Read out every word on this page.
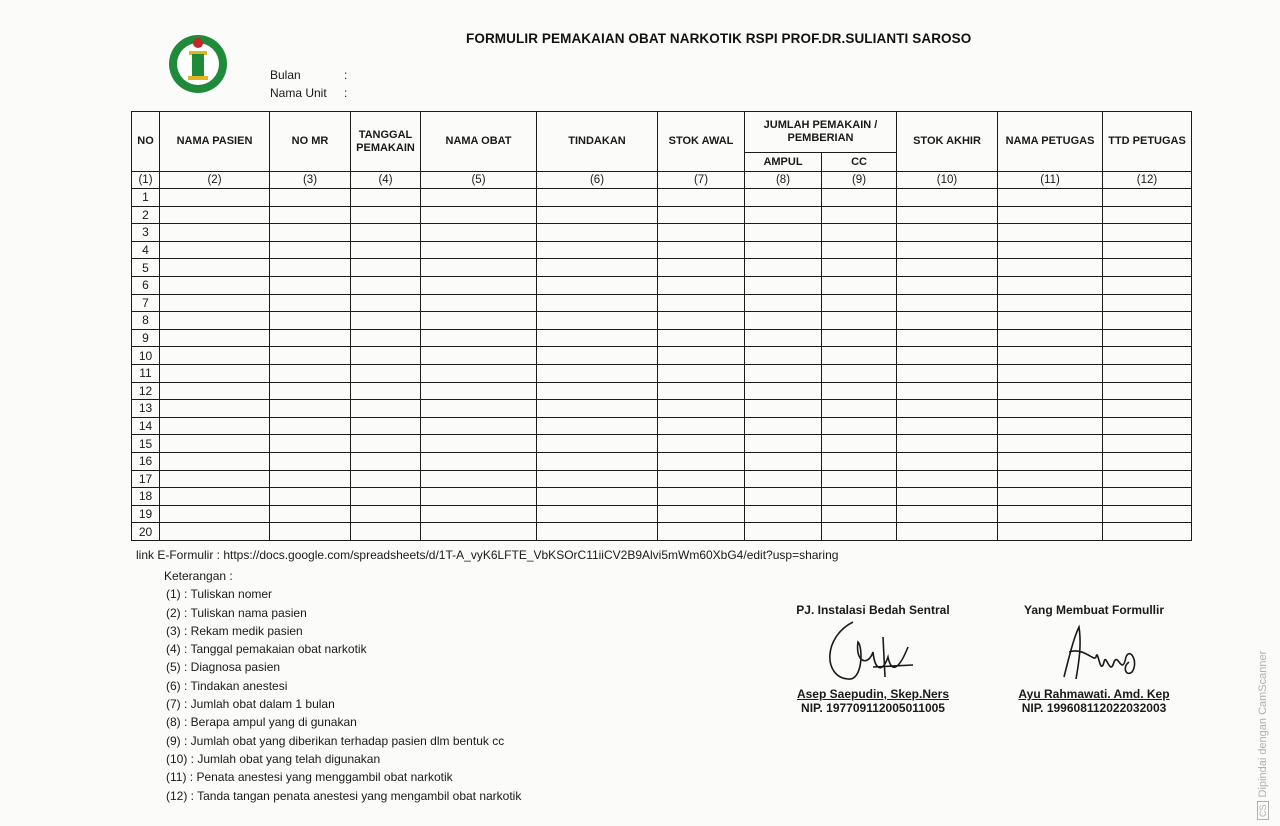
FORMULIR PEMAKAIAN OBAT NARKOTIK RSPI PROF.DR.SULIANTI SAROSO
Bulan	:
Nama Unit	:
NO	NAMA PASIEN	NO MR	TANGGAL PEMAKAIN	NAMA OBAT	TINDAKAN	STOK AWAL	JUMLAH PEMAKAIN / PEMBERIAN		STOK AKHIR	NAMA PETUGAS	TTD PETUGAS
							AMPUL	CC			
(1)	(2)	(3)	(4)	(5)	(6)	(7)	(8)	(9)	(10)	(11)	(12)
1											
2											
3											
4											
5											
6											
7											
8											
9											
10											
11											
12											
13											
14											
15											
16											
17											
18											
19											
20											
link E-Formulir : https://docs.google.com/spreadsheets/d/1T-A_vyK6LFTE_VbKSOrC11iiCV2B9Alvi5mWm60XbG4/edit?usp=sharing
Keterangan :
(1) : Tuliskan nomer
(2) : Tuliskan nama pasien
(3) : Rekam medik pasien
(4) : Tanggal pemakaian obat narkotik
(5) : Diagnosa pasien
(6) : Tindakan anestesi
(7) : Jumlah obat dalam 1 bulan
(8) : Berapa ampul yang di gunakan
(9) : Jumlah obat yang diberikan terhadap pasien dlm bentuk cc
(10) : Jumlah obat yang telah digunakan
(11) : Penata anestesi yang menggambil obat narkotik
(12) : Tanda tangan penata anestesi yang mengambil obat narkotik
PJ. Instalasi Bedah Sentral
Asep Saepudin, Skep.Ners
NIP. 197709112005011005
Yang Membuat Formullir
Ayu Rahmawati. Amd. Kep
NIP. 199608112022032003
CSDipindai dengan CamScanner
